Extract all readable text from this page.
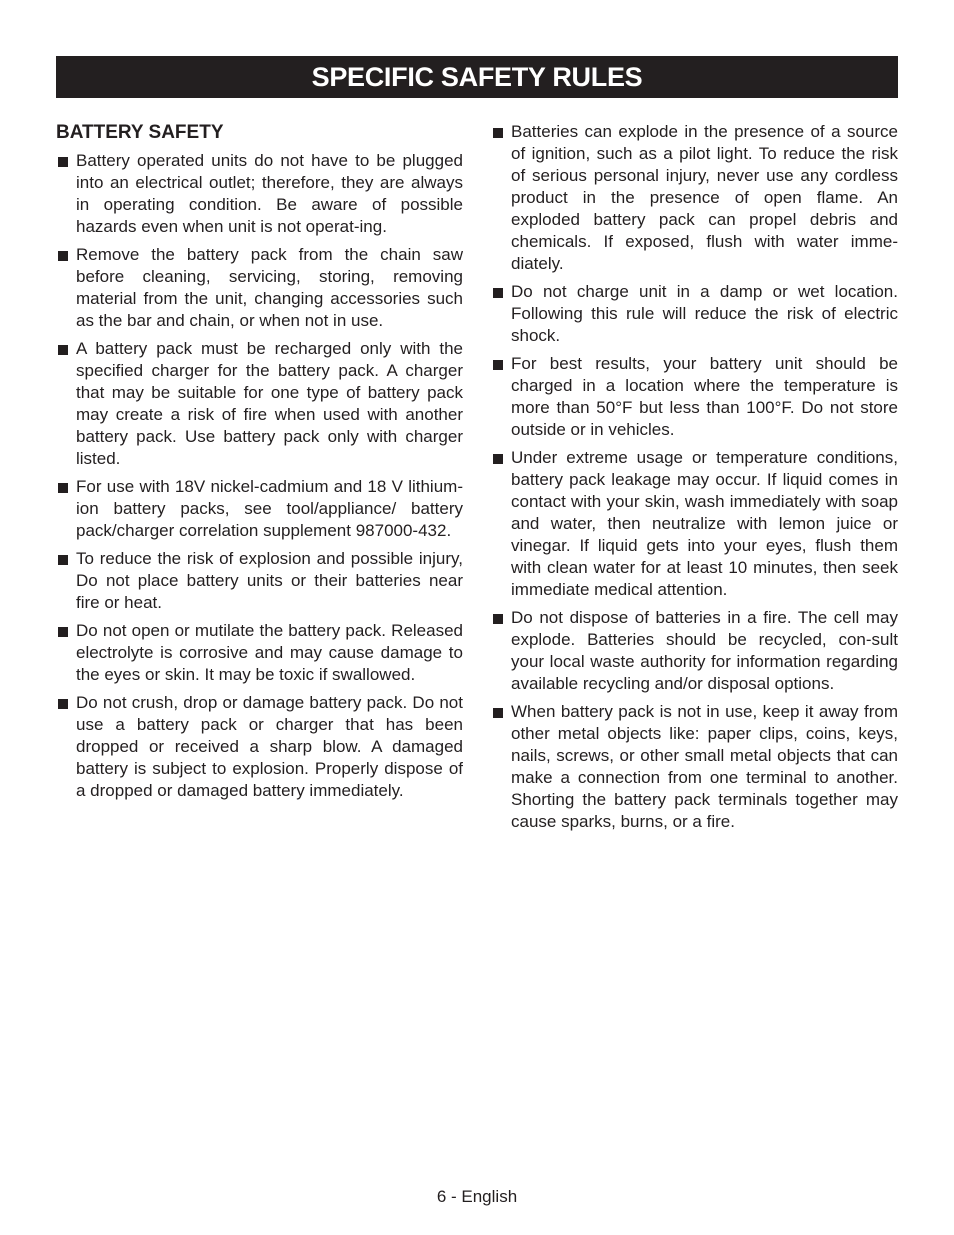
SPECIFIC SAFETY RULES
BATTERY SAFETY
Battery operated units do not have to be plugged into an electrical outlet; therefore, they are always in operating condition. Be aware of possible hazards even when unit is not operat-ing.
Remove the battery pack from the chain saw before cleaning, servicing, storing, removing material from the unit, changing accessories such as the bar and chain, or when not in use.
A battery pack must be recharged only with the specified charger for the battery pack. A charger that may be suitable for one type of battery pack may create a risk of fire when used with another battery pack. Use battery pack only with charger listed.
For use with 18V nickel-cadmium and 18 V lithium-ion battery packs, see tool/appliance/ battery pack/charger correlation supplement 987000-432.
To reduce the risk of explosion and possible injury, Do not place battery units or their batteries near fire or heat.
Do not open or mutilate the battery pack. Released electrolyte is corrosive and may cause damage to the eyes or skin. It may be toxic if swallowed.
Do not crush, drop or damage battery pack. Do not use a battery pack or charger that has been dropped or received a sharp blow. A damaged battery is subject to explosion. Properly dispose of a dropped or damaged battery immediately.
Batteries can explode in the presence of a source of ignition, such as a pilot light. To reduce the risk of serious personal injury, never use any cordless product in the presence of open flame. An exploded battery pack can propel debris and chemicals. If exposed, flush with water imme-diately.
Do not charge unit in a damp or wet location. Following this rule will reduce the risk of electric shock.
For best results, your battery unit should be charged in a location where the temperature is more than 50°F but less than 100°F. Do not store outside or in vehicles.
Under extreme usage or temperature conditions, battery pack leakage may occur. If liquid comes in contact with your skin, wash immediately with soap and water, then neutralize with lemon juice or vinegar. If liquid gets into your eyes, flush them with clean water for at least 10 minutes, then seek immediate medical attention.
Do not dispose of batteries in a fire. The cell may explode. Batteries should be recycled, con-sult your local waste authority for information regarding available recycling and/or disposal options.
When battery pack is not in use, keep it away from other metal objects like: paper clips, coins, keys, nails, screws, or other small metal objects that can make a connection from one terminal to another. Shorting the battery pack terminals together may cause sparks, burns, or a fire.
6 - English
